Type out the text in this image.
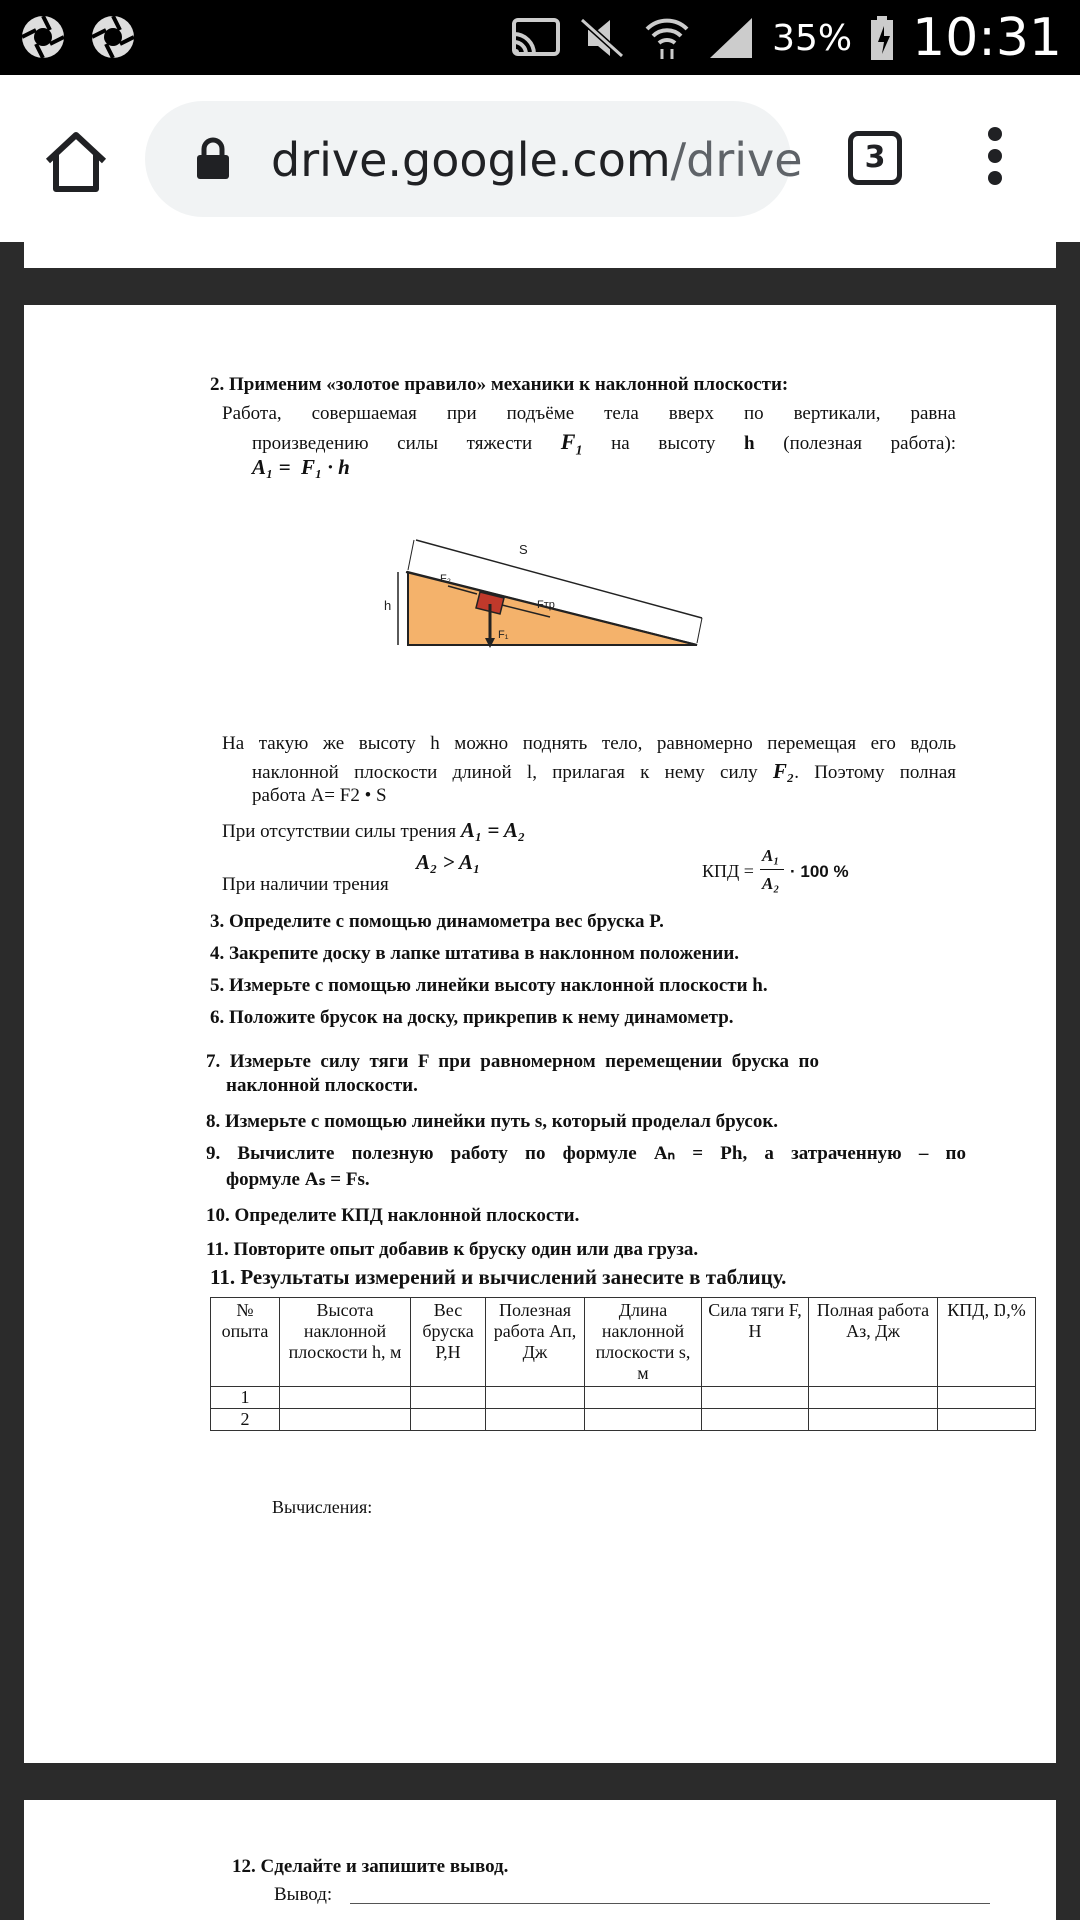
35% 10:31
drive.google.com/drive	3
2. Применим «золотое правило» механики к наклонной плоскости:
Работа, совершаемая при подъёме тела вверх по вертикали, равна
произведению силы тяжести $F_1$ на высоту h (полезная работа):
A₁ =  F₁ · h
S
h
F₂
Fтр
F₁
На такую же высоту h можно поднять тело, равномерно перемещая его вдоль
наклонной плоскости длиной l, прилагая к нему силу F₂. Поэтому полная
работа A= F2 • S
При отсутствии силы трения A₁ = A₂
A₂ > A₁
При наличии трения
КПД =
A₁
A₂
· 100 %
3. Определите с помощью динамометра вес бруска P.
4. Закрепите доску в лапке штатива в наклонном положении.
5. Измерьте с помощью линейки высоту наклонной плоскости h.
6. Положите брусок на доску, прикрепив к нему динамометр.
7.  Измерьте  силу  тяги  F  при  равномерном  перемещении  бруска  по
наклонной плоскости.
8. Измерьте с помощью линейки путь s, который проделал брусок.
9. Вычислите полезную работу по формуле Aₙ = Ph, а затраченную – по
формуле Aₛ = Fs.
10. Определите КПД наклонной плоскости.
11. Повторите опыт добавив к бруску один или два груза.
11. Результаты измерений и вычислений занесите в таблицу.
№ опыта	Высота наклонной плоскости h, м	Вес бруска Р,Н	Полезная работа Ап, Дж	Длина наклонной плоскости s, м	Сила тяги F, Н	Полная работа Аз, Дж	КПД, Ŋ,%
1							
2							
Вычисления:
12. Сделайте и запишите вывод.
Вывод:
